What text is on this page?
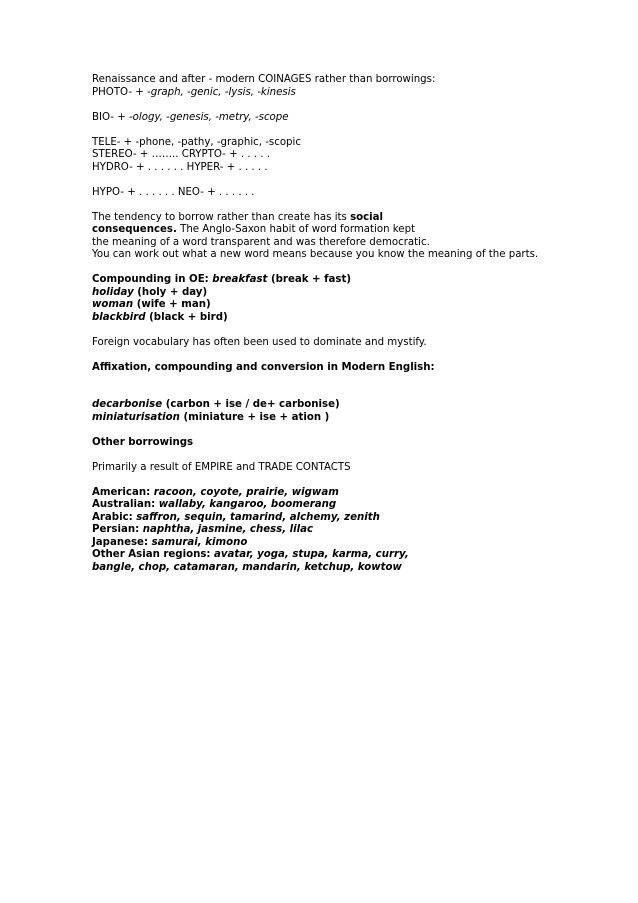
Renaissance and after - modern COINAGES rather than borrowings:
PHOTO- + -graph, -genic, -lysis, -kinesis
BIO- + -ology, -genesis, -metry, -scope
TELE- + -phone, -pathy, -graphic, -scopic
STEREO- + …….. CRYPTO- + . . . . .
HYDRO- + . . . . . . HYPER- + . . . . .
HYPO- + . . . . . . NEO- + . . . . . .
The tendency to borrow rather than create has its social
consequences. The Anglo-Saxon habit of word formation kept
the meaning of a word transparent and was therefore democratic.
You can work out what a new word means because you know the meaning of the parts.
Compounding in OE: breakfast (break + fast)
holiday (holy + day)
woman (wife + man)
blackbird (black + bird)
Foreign vocabulary has often been used to dominate and mystify.
Affixation, compounding and conversion in Modern English:
decarbonise (carbon + ise / de+ carbonise)
miniaturisation (miniature + ise + ation )
Other borrowings
Primarily a result of EMPIRE and TRADE CONTACTS
American: racoon, coyote, prairie, wigwam
Australian: wallaby, kangaroo, boomerang
Arabic: saffron, sequin, tamarind, alchemy, zenith
Persian: naphtha, jasmine, chess, lilac
Japanese: samurai, kimono
Other Asian regions: avatar, yoga, stupa, karma, curry,
bangle, chop, catamaran, mandarin, ketchup, kowtow
